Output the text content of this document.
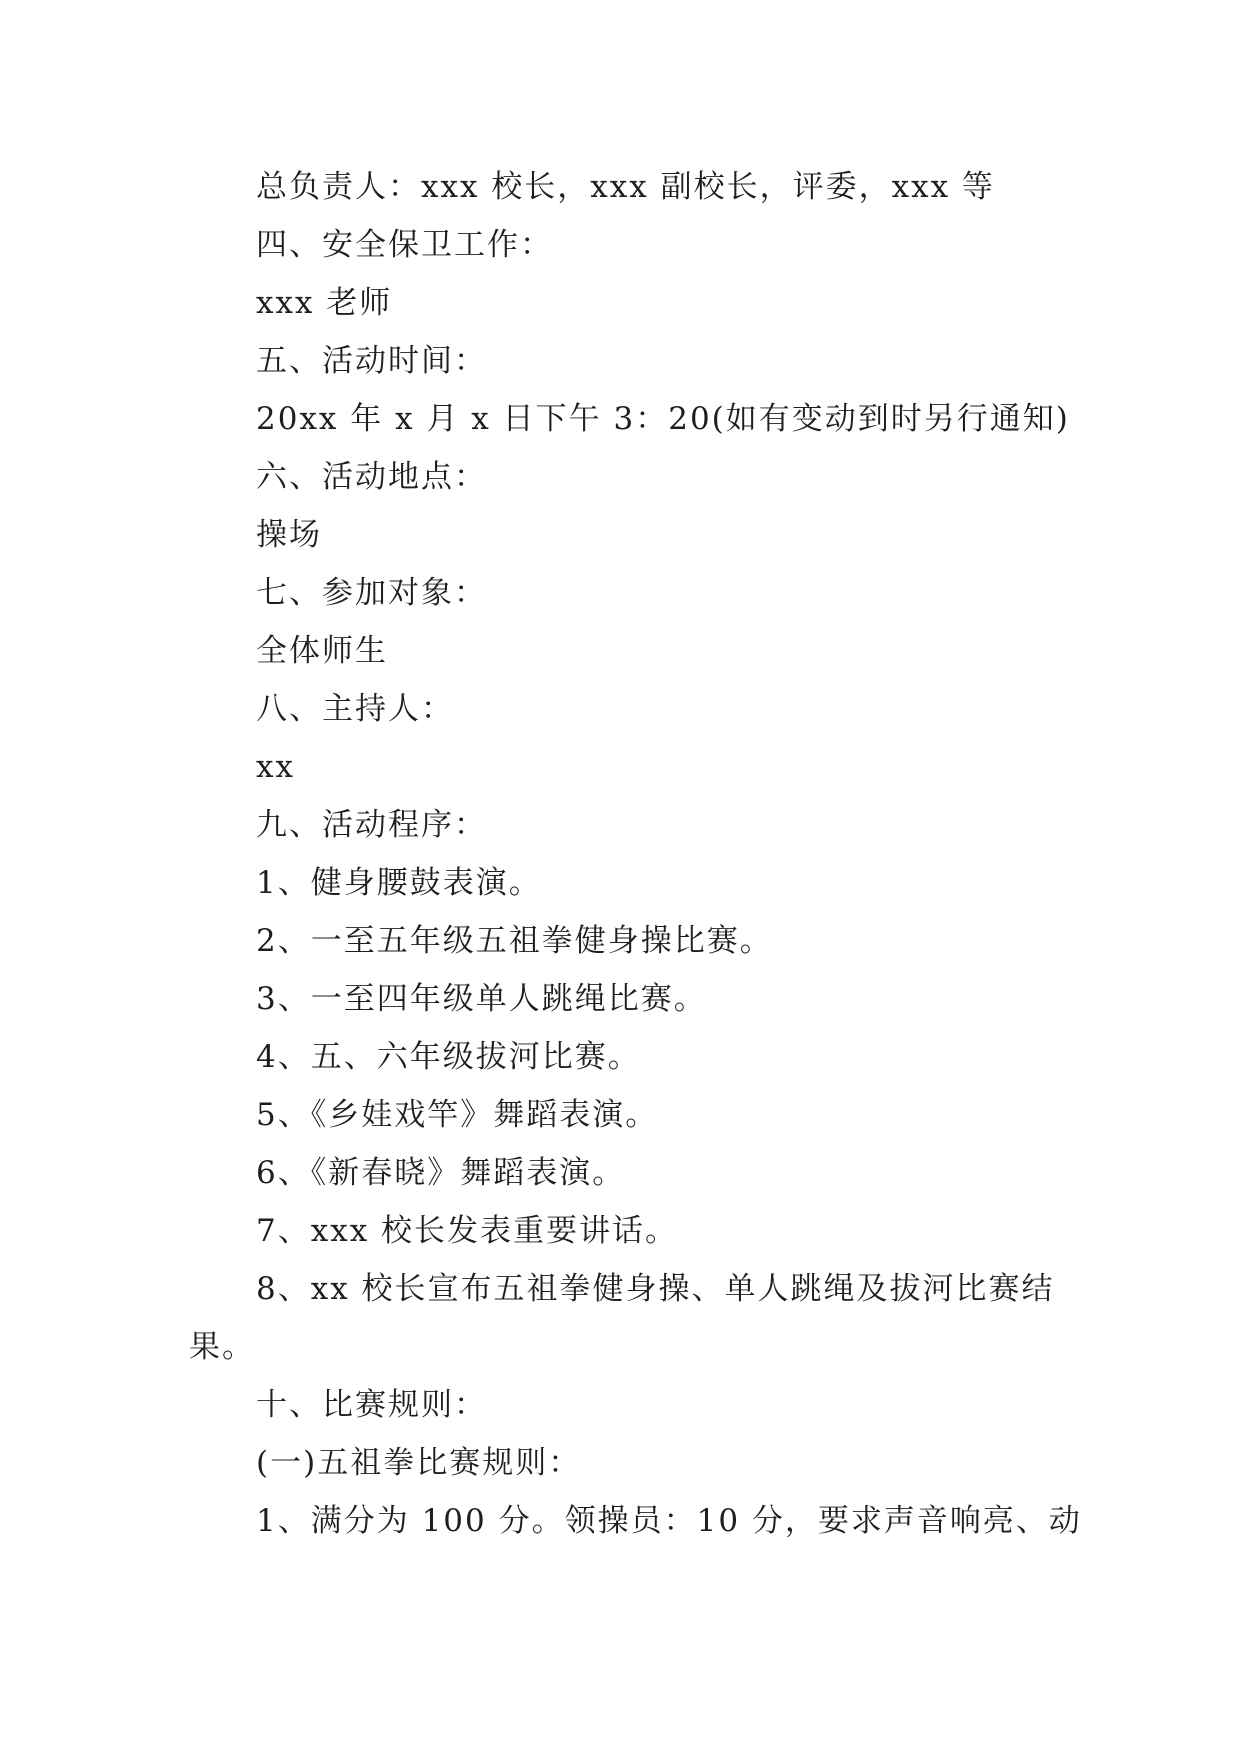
总负责人：xxx 校长，xxx 副校长，评委，xxx 等
四、安全保卫工作：
xxx 老师
五、活动时间：
20xx 年 x 月 x 日下午 3：20(如有变动到时另行通知)
六、活动地点：
操场
七、参加对象：
全体师生
八、主持人：
xx
九、活动程序：
1、健身腰鼓表演。
2、一至五年级五祖拳健身操比赛。
3、一至四年级单人跳绳比赛。
4、五、六年级拔河比赛。
5、《乡娃戏竿》舞蹈表演。
6、《新春晓》舞蹈表演。
7、xxx 校长发表重要讲话。
8、xx 校长宣布五祖拳健身操、单人跳绳及拔河比赛结
果。
十、比赛规则：
(一)五祖拳比赛规则：
1、满分为 100 分。领操员：10 分，要求声音响亮、动
